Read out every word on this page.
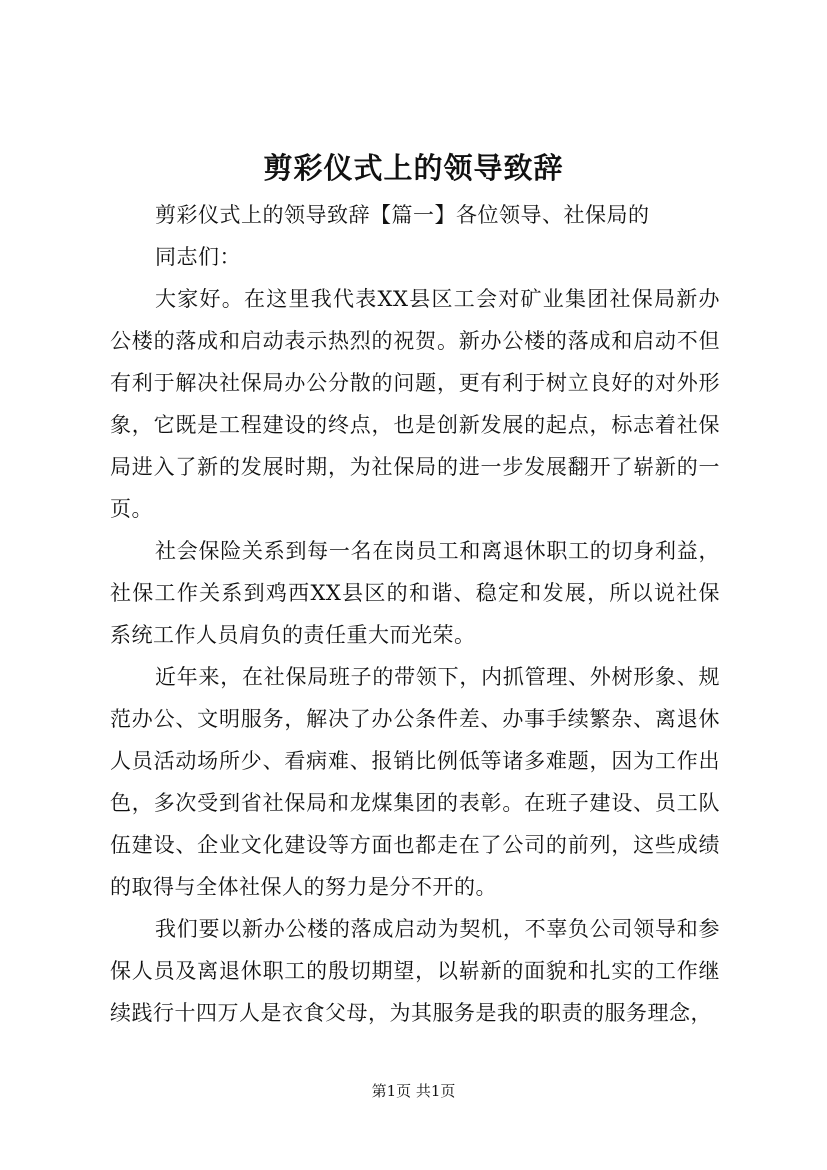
剪彩仪式上的领导致辞

剪彩仪式上的领导致辞【篇一】各位领导、社保局的

同志们：

大家好。在这里我代表XX县区工会对矿业集团社保局新办公楼的落成和启动表示热烈的祝贺。新办公楼的落成和启动不但有利于解决社保局办公分散的问题，更有利于树立良好的对外形象，它既是工程建设的终点，也是创新发展的起点，标志着社保局进入了新的发展时期，为社保局的进一步发展翻开了崭新的一页。

社会保险关系到每一名在岗员工和离退休职工的切身利益，社保工作关系到鸡西XX县区的和谐、稳定和发展，所以说社保系统工作人员肩负的责任重大而光荣。

近年来，在社保局班子的带领下，内抓管理、外树形象、规范办公、文明服务，解决了办公条件差、办事手续繁杂、离退休人员活动场所少、看病难、报销比例低等诸多难题，因为工作出色，多次受到省社保局和龙煤集团的表彰。在班子建设、员工队伍建设、企业文化建设等方面也都走在了公司的前列，这些成绩的取得与全体社保人的努力是分不开的。

我们要以新办公楼的落成启动为契机，不辜负公司领导和参保人员及离退休职工的殷切期望，以崭新的面貌和扎实的工作继续践行十四万人是衣食父母，为其服务是我的职责的服务理念，

第1页 共1页
